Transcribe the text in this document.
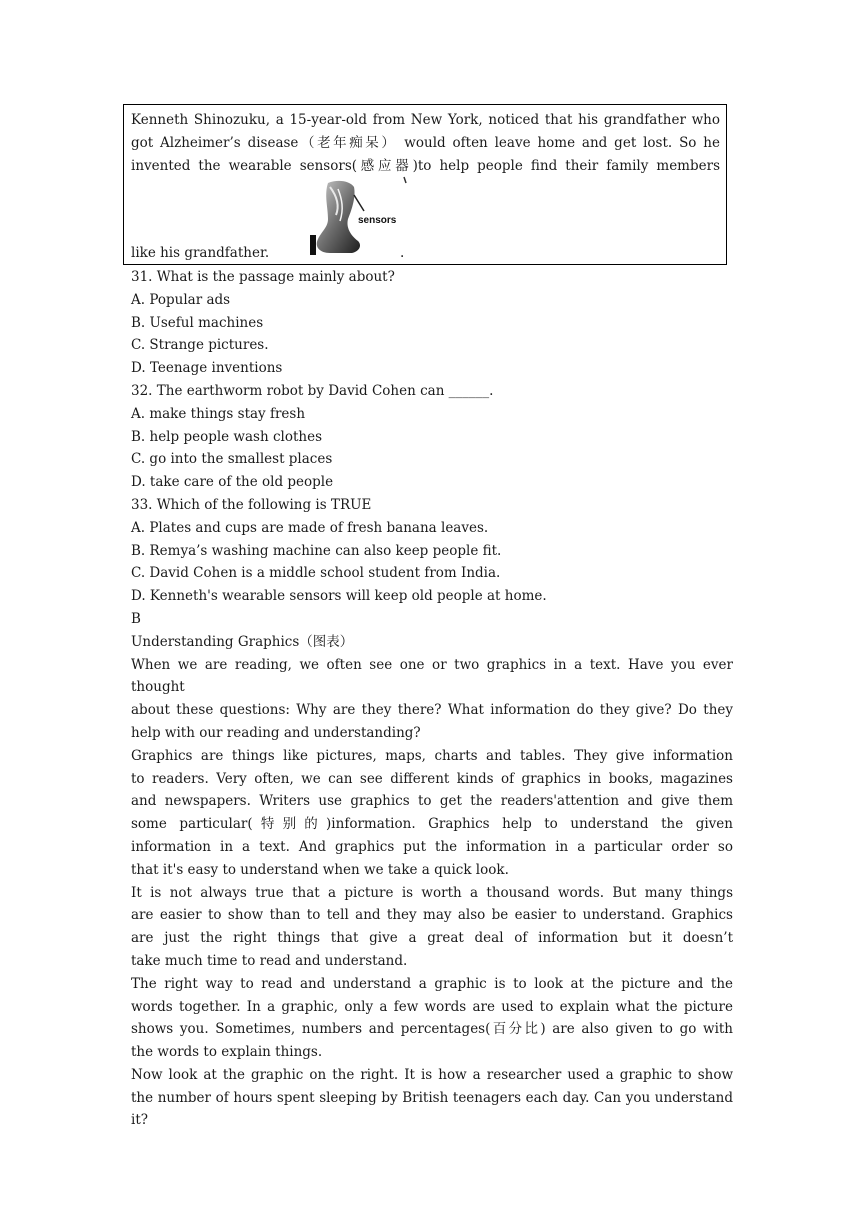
Kenneth Shinozuku, a 15-year-old from New York, noticed that his grandfather who
got Alzheimer’s disease（老年痴呆） would often leave home and get lost. So he
invented the wearable sensors(感应器)to help people find their family members
sensors
like his grandfather.	.
31. What is the passage mainly about?
A. Popular ads
B. Useful machines
C. Strange pictures.
D. Teenage inventions
32. The earthworm robot by David Cohen can ______.
A. make things stay fresh
B. help people wash clothes
C. go into the smallest places
D. take care of the old people
33. Which of the following is TRUE
A. Plates and cups are made of fresh banana leaves.
B. Remya’s washing machine can also keep people fit.
C. David Cohen is a middle school student from India.
D. Kenneth's wearable sensors will keep old people at home.
B
Understanding Graphics（图表）
When we are reading, we often see one or two graphics in a text. Have you ever thought
about these questions: Why are they there? What information do they give? Do they
help with our reading and understanding?
Graphics are things like pictures, maps, charts and tables. They give information
to readers. Very often, we can see different kinds of graphics in books, magazines
and newspapers. Writers use graphics to get the readers'attention and give them
some particular(特别的)information. Graphics help to understand the given
information in a text. And graphics put the information in a particular order so
that it's easy to understand when we take a quick look.
It is not always true that a picture is worth a thousand words. But many things
are easier to show than to tell and they may also be easier to understand. Graphics
are just the right things that give a great deal of information but it doesn’t
take much time to read and understand.
The right way to read and understand a graphic is to look at the picture and the
words together. In a graphic, only a few words are used to explain what the picture
shows you. Sometimes, numbers and percentages(百分比) are also given to go with
the words to explain things.
Now look at the graphic on the right. It is how a researcher used a graphic to show
the number of hours spent sleeping by British teenagers each day. Can you understand
it?
